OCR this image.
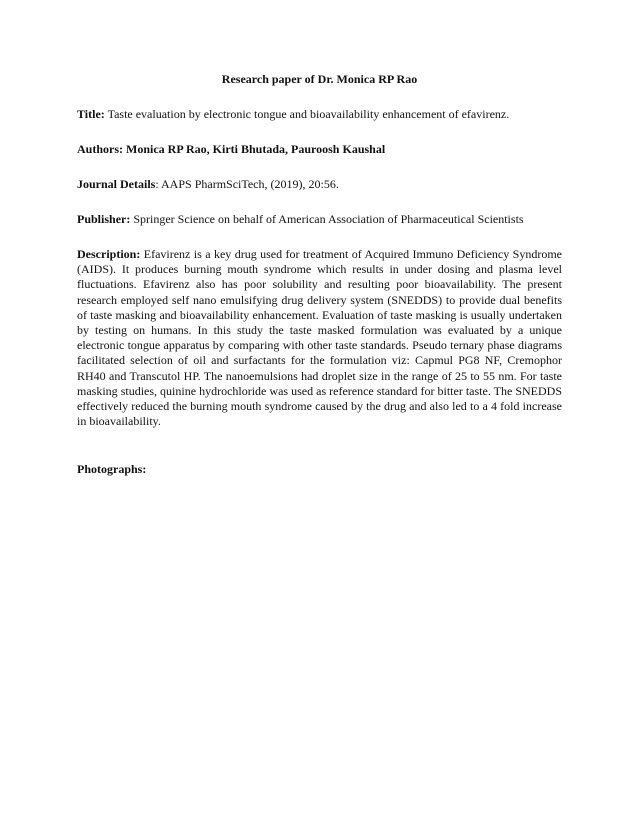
Research paper of Dr. Monica RP Rao

Title: Taste evaluation by electronic tongue and bioavailability enhancement of efavirenz.

Authors: Monica RP Rao, Kirti Bhutada, Pauroosh Kaushal

Journal Details: AAPS PharmSciTech, (2019), 20:56.

Publisher: Springer Science on behalf of American Association of Pharmaceutical Scientists

Description: Efavirenz is a key drug used for treatment of Acquired Immuno Deficiency Syndrome (AIDS). It produces burning mouth syndrome which results in under dosing and plasma level fluctuations. Efavirenz also has poor solubility and resulting poor bioavailability. The present research employed self nano emulsifying drug delivery system (SNEDDS) to provide dual benefits of taste masking and bioavailability enhancement. Evaluation of taste masking is usually undertaken by testing on humans. In this study the taste masked formulation was evaluated by a unique electronic tongue apparatus by comparing with other taste standards. Pseudo ternary phase diagrams facilitated selection of oil and surfactants for the formulation viz: Capmul PG8 NF, Cremophor RH40 and Transcutol HP. The nanoemulsions had droplet size in the range of 25 to 55 nm. For taste masking studies, quinine hydrochloride was used as reference standard for bitter taste. The SNEDDS effectively reduced the burning mouth syndrome caused by the drug and also led to a 4 fold increase in bioavailability.

Photographs:
